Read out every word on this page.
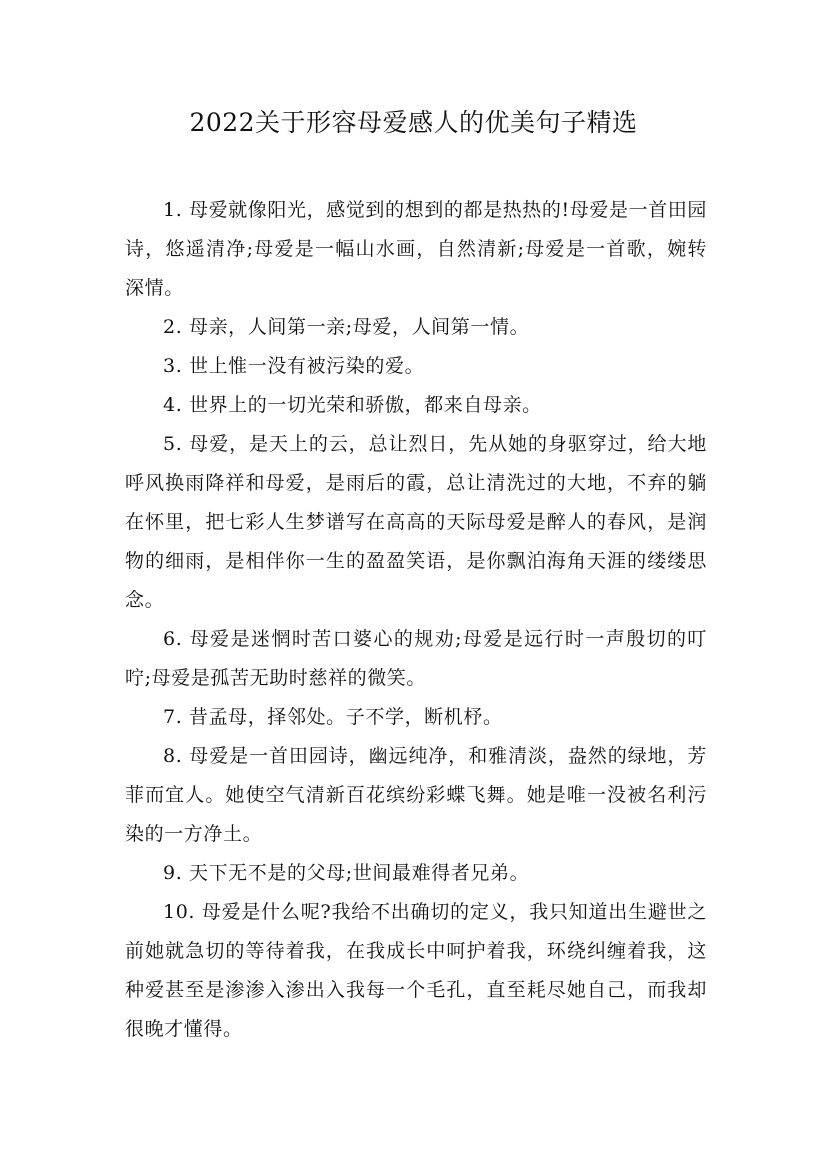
2022关于形容母爱感人的优美句子精选

1. 母爱就像阳光，感觉到的想到的都是热热的!母爱是一首田园诗，悠遥清净;母爱是一幅山水画，自然清新;母爱是一首歌，婉转深情。

2. 母亲，人间第一亲;母爱，人间第一情。

3. 世上惟一没有被污染的爱。

4. 世界上的一切光荣和骄傲，都来自母亲。

5. 母爱，是天上的云，总让烈日，先从她的身驱穿过，给大地呼风换雨降祥和母爱，是雨后的霞，总让清洗过的大地，不弃的躺在怀里，把七彩人生梦谱写在高高的天际母爱是醉人的春风，是润物的细雨，是相伴你一生的盈盈笑语，是你飘泊海角天涯的缕缕思念。

6. 母爱是迷惘时苦口婆心的规劝;母爱是远行时一声殷切的叮咛;母爱是孤苦无助时慈祥的微笑。

7. 昔孟母，择邻处。子不学，断机杼。

8. 母爱是一首田园诗，幽远纯净，和雅清淡，盎然的绿地，芳菲而宜人。她使空气清新百花缤纷彩蝶飞舞。她是唯一没被名利污染的一方净土。

9. 天下无不是的父母;世间最难得者兄弟。

10. 母爱是什么呢?我给不出确切的定义，我只知道出生避世之前她就急切的等待着我，在我成长中呵护着我，环绕纠缠着我，这种爱甚至是渗渗入渗出入我每一个毛孔，直至耗尽她自己，而我却很晚才懂得。
